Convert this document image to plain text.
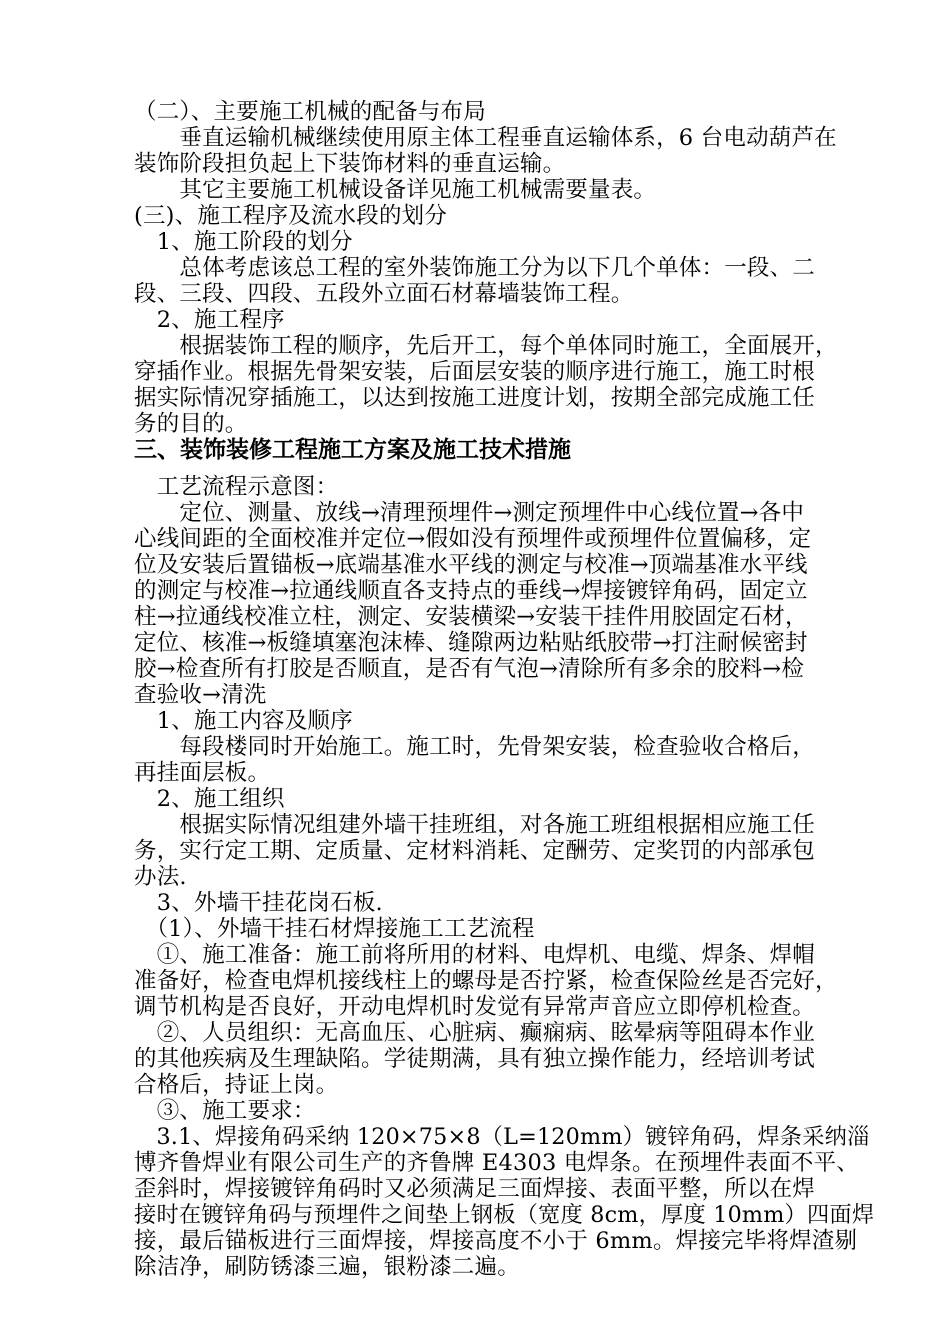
（二）、主要施工机械的配备与布局
　　垂直运输机械继续使用原主体工程垂直运输体系，6 台电动葫芦在
装饰阶段担负起上下装饰材料的垂直运输。
　　其它主要施工机械设备详见施工机械需要量表。
(三)、施工程序及流水段的划分
　1、施工阶段的划分
　　总体考虑该总工程的室外装饰施工分为以下几个单体：一段、二
段、三段、四段、五段外立面石材幕墙装饰工程。
　2、施工程序
　　根据装饰工程的顺序，先后开工，每个单体同时施工，全面展开，
穿插作业。根据先骨架安装，后面层安装的顺序进行施工，施工时根
据实际情况穿插施工，以达到按施工进度计划，按期全部完成施工任
务的目的。
三、装饰装修工程施工方案及施工技术措施
　工艺流程示意图：
　　定位、测量、放线→清理预埋件→测定预埋件中心线位置→各中
心线间距的全面校准并定位→假如没有预埋件或预埋件位置偏移，定
位及安装后置锚板→底端基准水平线的测定与校准→顶端基准水平线
的测定与校准→拉通线顺直各支持点的垂线→焊接镀锌角码，固定立
柱→拉通线校准立柱，测定、安装横梁→安装干挂件用胶固定石材，
定位、核准→板缝填塞泡沫棒、缝隙两边粘贴纸胶带→打注耐候密封
胶→检查所有打胶是否顺直，是否有气泡→清除所有多余的胶料→检
查验收→清洗
　1、施工内容及顺序
　　每段楼同时开始施工。施工时，先骨架安装，检查验收合格后，
再挂面层板。
　2、施工组织
　　根据实际情况组建外墙干挂班组，对各施工班组根据相应施工任
务，实行定工期、定质量、定材料消耗、定酬劳、定奖罚的内部承包
办法.
　3、外墙干挂花岗石板.
　（1）、外墙干挂石材焊接施工工艺流程
　①、施工准备：施工前将所用的材料、电焊机、电缆、焊条、焊帽
准备好，检查电焊机接线柱上的螺母是否拧紧，检查保险丝是否完好，
调节机构是否良好，开动电焊机时发觉有异常声音应立即停机检查。
　②、人员组织：无高血压、心脏病、癫痫病、眩晕病等阻碍本作业
的其他疾病及生理缺陷。学徒期满，具有独立操作能力，经培训考试
合格后，持证上岗。
　③、施工要求：
　3.1、焊接角码采纳 120×75×8（L=120mm）镀锌角码，焊条采纳淄
博齐鲁焊业有限公司生产的齐鲁牌 E4303 电焊条。在预埋件表面不平、
歪斜时，焊接镀锌角码时又必须满足三面焊接、表面平整，所以在焊
接时在镀锌角码与预埋件之间垫上钢板（宽度 8cm，厚度 10mm）四面焊
接，最后锚板进行三面焊接，焊接高度不小于 6mm。焊接完毕将焊渣剔
除洁净，刷防锈漆三遍，银粉漆二遍。
